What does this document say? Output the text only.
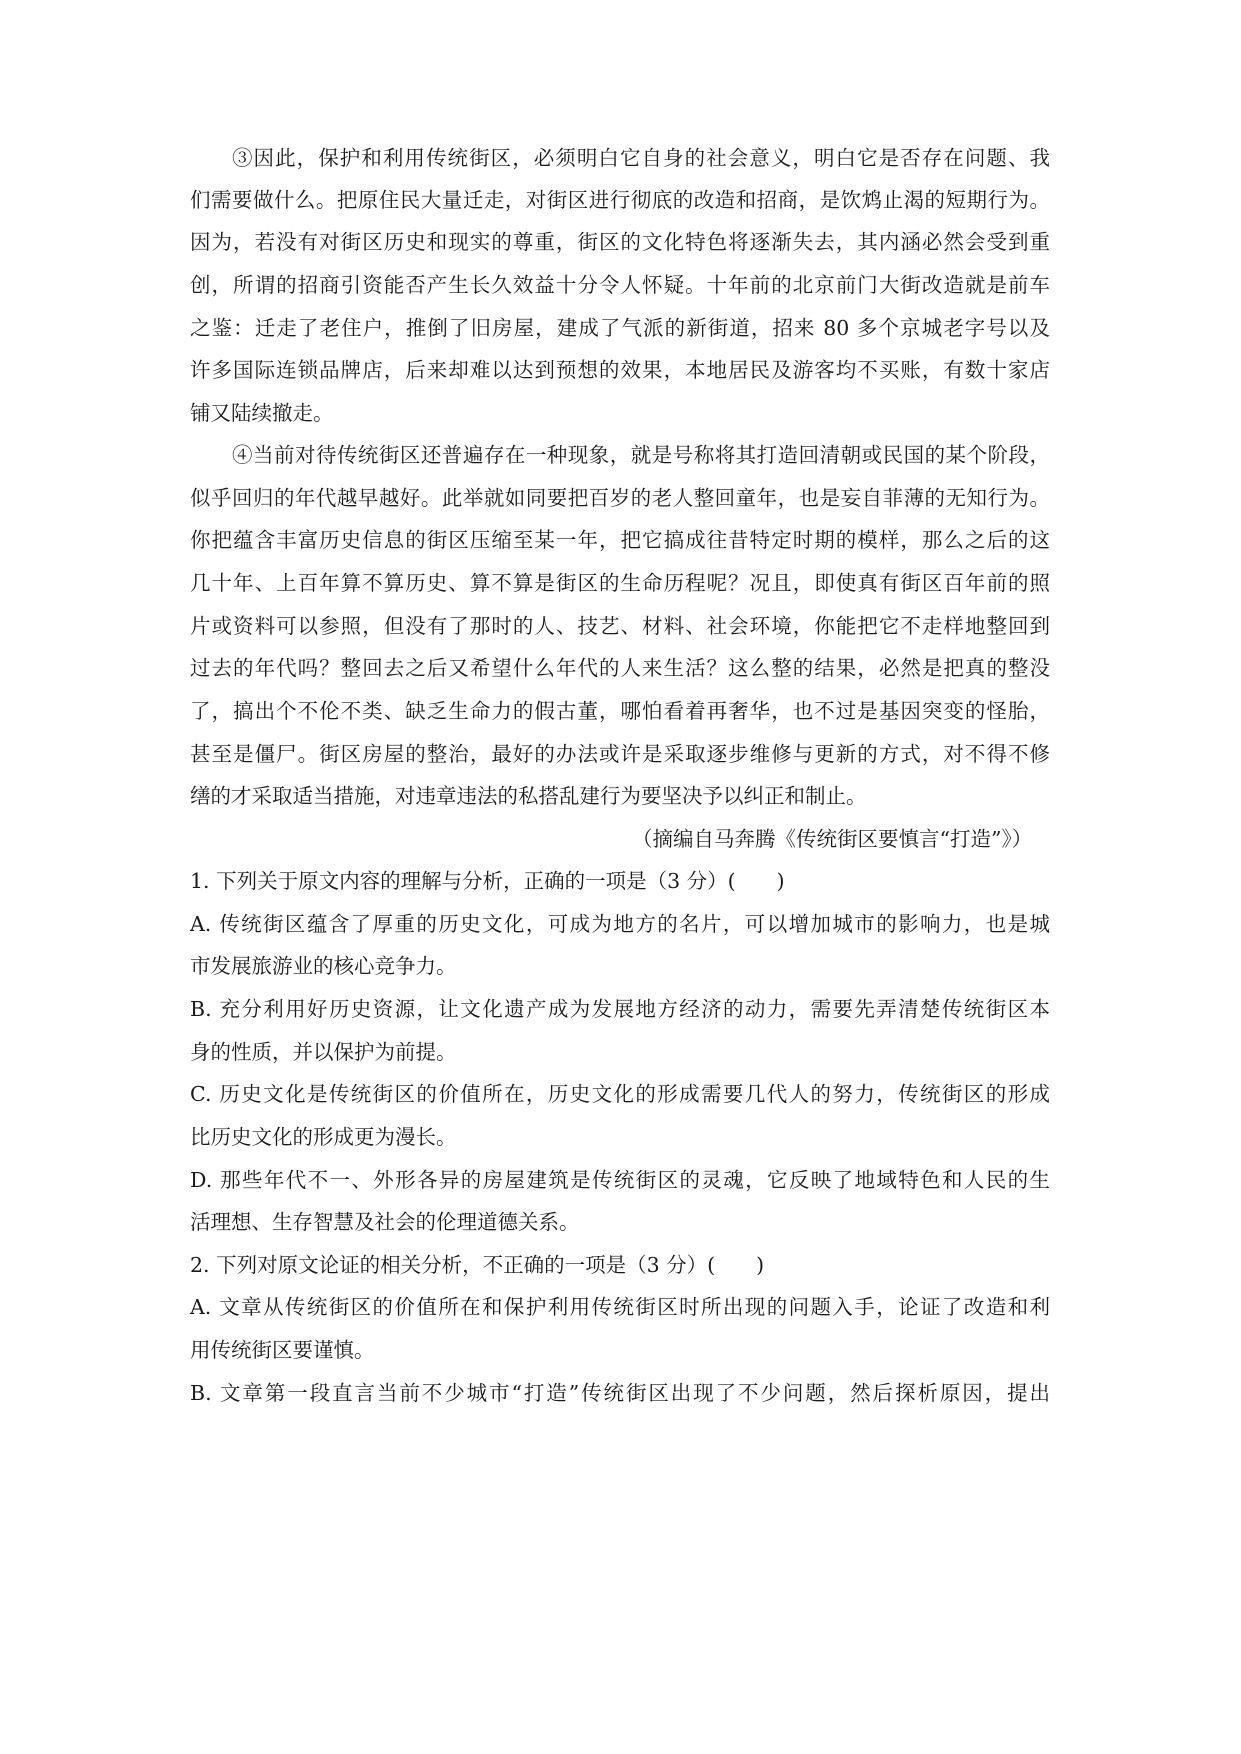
③因此，保护和利用传统街区，必须明白它自身的社会意义，明白它是否存在问题、我
们需要做什么。把原住民大量迁走，对街区进行彻底的改造和招商，是饮鸩止渴的短期行为。
因为，若没有对街区历史和现实的尊重，街区的文化特色将逐渐失去，其内涵必然会受到重
创，所谓的招商引资能否产生长久效益十分令人怀疑。十年前的北京前门大街改造就是前车
之鉴：迁走了老住户，推倒了旧房屋，建成了气派的新街道，招来 80 多个京城老字号以及
许多国际连锁品牌店，后来却难以达到预想的效果，本地居民及游客均不买账，有数十家店
铺又陆续撤走。
④当前对待传统街区还普遍存在一种现象，就是号称将其打造回清朝或民国的某个阶段，
似乎回归的年代越早越好。此举就如同要把百岁的老人整回童年，也是妄自菲薄的无知行为。
你把蕴含丰富历史信息的街区压缩至某一年，把它搞成往昔特定时期的模样，那么之后的这
几十年、上百年算不算历史、算不算是街区的生命历程呢？况且，即使真有街区百年前的照
片或资料可以参照，但没有了那时的人、技艺、材料、社会环境，你能把它不走样地整回到
过去的年代吗？整回去之后又希望什么年代的人来生活？这么整的结果，必然是把真的整没
了，搞出个不伦不类、缺乏生命力的假古董，哪怕看着再奢华，也不过是基因突变的怪胎，
甚至是僵尸。街区房屋的整治，最好的办法或许是采取逐步维修与更新的方式，对不得不修
缮的才采取适当措施，对违章违法的私搭乱建行为要坚决予以纠正和制止。
（摘编自马奔腾《传统街区要慎言“打造”》）
1. 下列关于原文内容的理解与分析，正确的一项是（3 分）(　　)
A. 传统街区蕴含了厚重的历史文化，可成为地方的名片，可以增加城市的影响力，也是城
市发展旅游业的核心竞争力。
B. 充分利用好历史资源，让文化遗产成为发展地方经济的动力，需要先弄清楚传统街区本
身的性质，并以保护为前提。
C. 历史文化是传统街区的价值所在，历史文化的形成需要几代人的努力，传统街区的形成
比历史文化的形成更为漫长。
D. 那些年代不一、外形各异的房屋建筑是传统街区的灵魂，它反映了地域特色和人民的生
活理想、生存智慧及社会的伦理道德关系。
2. 下列对原文论证的相关分析，不正确的一项是（3 分）(　　)
A. 文章从传统街区的价值所在和保护利用传统街区时所出现的问题入手，论证了改造和利
用传统街区要谨慎。
B. 文章第一段直言当前不少城市“打造”传统街区出现了不少问题，然后探析原因，提出
